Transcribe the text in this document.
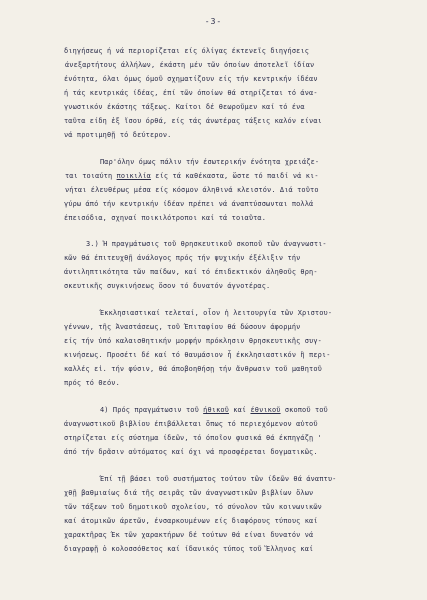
-3-
διηγήσεως ή νά περιορίζεται είς όλίγας έκτενεῖς διηγήσεις
άνεξαρτήτους άλλήλων, έκάστη μέν τῶν όποίων άποτελεῖ ίδίαν
ένότητα, όλαι όμως όμοῦ σχηματίζουν είς τήν κεντρικήν ίδέαν
ή τάς κεντρικάς ίδέας, έπί τῶν όποίων θά στηρίζεται τό άνα-
γνωστικόν έκάστης τάξεως. Καίτοι δέ θεωροῦμεν καί τό ένα
ταῦτα είδη ἐξ ἴσου όρθά, είς τάς άνωτέρας τάξεις καλόν είναι
νά προτιμηθῇ τό δεύτερον.
Παρ'όλην όμως πάλιν τήν έσωτερικήν ένότητα χρειάζε-
ται τοιαύτη ποικιλία είς τά καθέκαστα, ὥστε τό παιδί νά κι-
νήται έλευθέρως μέσα είς κόσμον άληθινά κλειστόν. Διά τοῦτο
γύρω άπό τήν κεντρικήν ίδέαν πρέπει νά άναπτύσσωνται πολλά
έπεισόδια, σχηναί ποικιλότροποι καί τά τοιαῦτα.
3.) Ἡ πραγμάτωσις τοῦ θρησκευτικοῦ σκοποῦ τῶν άναγνωστι-
κῶν θά έπιτευχθῇ άνάλογος πρός τήν ψυχικήν έξέλιξιν τήν
άντιληπτικότητα τῶν παίδων, καί τό έπιδεκτικόν άληθοῦς θρη-
σκευτικῆς συγκινήσεως ὅσον τό δυνατόν άγνοτέρας.
Έκκλησιαστικαί τελεταί, οἷον ἡ λειτουργία τῶν Χριστου-
γέννων, τῆς Άναστάσεως, τοῦ Έπιταφίου θά δώσουν άφορμήν
είς τήν ὑπό καλαισθητικήν μορφήν πρόκλησιν θρησκευτικῆς συγ-
κινήσεως. Προσέτι δέ καί τό θαυμάσιον ἧ έκκλησιαστικόν ἢ περι-
καλλές εἰ. τήν φύσιν, θά άποβοηθήσῃ τήν ἄνθρωσιν τοῦ μαθητοῦ
πρός τό Θεόν.
4) Πρός πραγμάτωσιν τοῦ ήθικοῦ καί έθνικοῦ σκοποῦ τοῦ
άναγνωστικοῦ βιβλίου έπιβάλλεται ὅπως τό περιεχόμενον αὐτοῦ
στηρίζεται είς σύστημα ίδεῶν, τό όποῖον φυσικά θά έκπηγάζῃ '
άπό τήν δρᾶσιν αὐτόματος καί όχι νά προσφέρεται δογματικῶς.
Έπί τῇ βάσει τοῦ συστήματος τούτου τῶν ίδεῶν θά άναπτυ-
χθῇ βαθμιαίως διά τῆς σειρᾶς τῶν άναγνωστικῶν βιβλίων ὅλων
τῶν τάξεων τοῦ δημοτικοῦ σχολείου, τό σύνολον τῶν κοινωνικῶν
καί άτομικῶν άρετῶν, ένσαρκουμένων είς διαφόρους τύπους καί
χαρακτῆρας Έκ τῶν χαρακτήρων δέ τούτων θά είναι δυνατόν νά
διαγραφῇ ὁ κολοσσόθετος καί ίδανικός τύπος τοῦ Ἕλληνος καί
